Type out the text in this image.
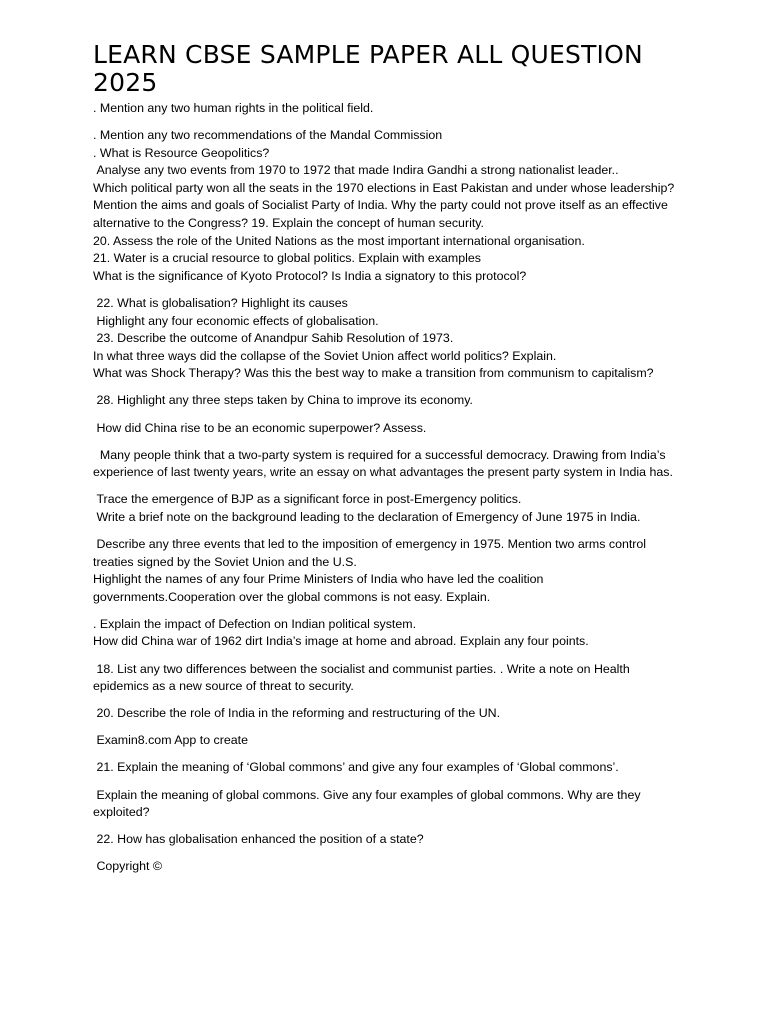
LEARN CBSE SAMPLE PAPER ALL QUESTION 2025

. Mention any two human rights in the political field.

. Mention any two recommendations of the Mandal Commission
. What is Resource Geopolitics?
Analyse any two events from 1970 to 1972 that made Indira Gandhi a strong nationalist leader..
Which political party won all the seats in the 1970 elections in East Pakistan and under whose leadership?
Mention the aims and goals of Socialist Party of India. Why the party could not prove itself as an effective alternative to the Congress? 19. Explain the concept of human security.
20. Assess the role of the United Nations as the most important international organisation.
21. Water is a crucial resource to global politics. Explain with examples
What is the significance of Kyoto Protocol? Is India a signatory to this protocol?

22. What is globalisation? Highlight its causes
Highlight any four economic effects of globalisation.
23. Describe the outcome of Anandpur Sahib Resolution of 1973.
In what three ways did the collapse of the Soviet Union affect world politics? Explain.
What was Shock Therapy? Was this the best way to make a transition from communism to capitalism?

28. Highlight any three steps taken by China to improve its economy.

How did China rise to be an economic superpower? Assess.

Many people think that a two-party system is required for a successful democracy. Drawing from India’s experience of last twenty years, write an essay on what advantages the present party system in India has.

Trace the emergence of BJP as a significant force in post-Emergency politics.
Write a brief note on the background leading to the declaration of Emergency of June 1975 in India.

Describe any three events that led to the imposition of emergency in 1975. Mention two arms control treaties signed by the Soviet Union and the U.S.
Highlight the names of any four Prime Ministers of India who have led the coalition governments.Cooperation over the global commons is not easy. Explain.

. Explain the impact of Defection on Indian political system.
How did China war of 1962 dirt India’s image at home and abroad. Explain any four points.

18. List any two differences between the socialist and communist parties. . Write a note on Health epidemics as a new source of threat to security.

20. Describe the role of India in the reforming and restructuring of the UN.

Examin8.com App to create

21. Explain the meaning of ‘Global commons’ and give any four examples of ‘Global commons’.

Explain the meaning of global commons. Give any four examples of global commons. Why are they exploited?

22. How has globalisation enhanced the position of a state?

Copyright ©
